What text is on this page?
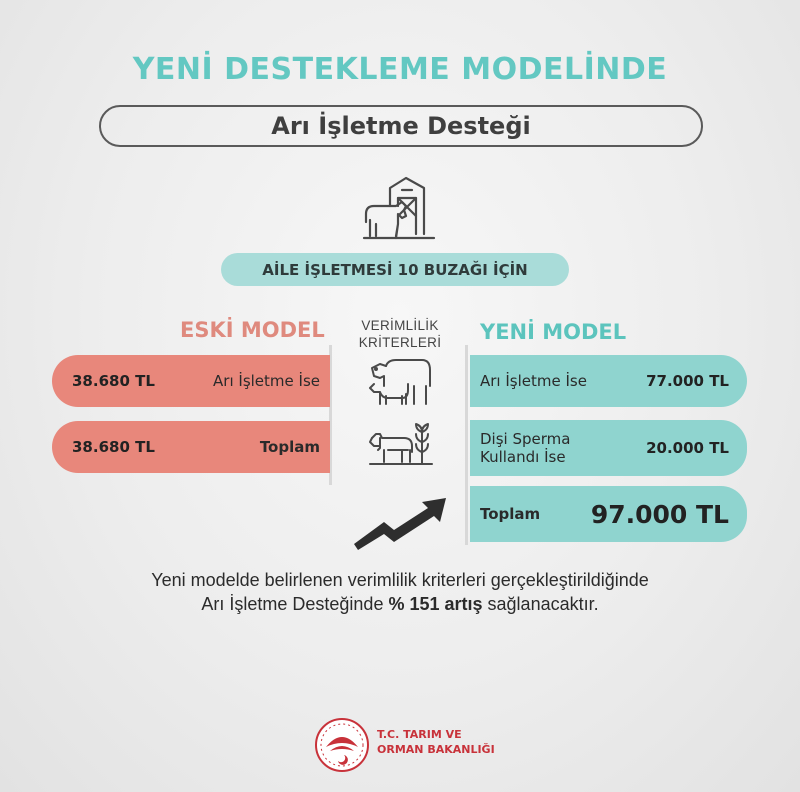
YENİ DESTEKLEME MODELİNDE
Arı İşletme Desteği
AİLE İŞLETMESİ 10 BUZAĞI İÇİN
ESKİ MODEL	VERİMLİLİK
KRİTERLERİ	YENİ MODEL
38.680 TL	Arı İşletme İse
38.680 TL	Toplam
Arı İşletme İse	77.000 TL
Dişi Sperma
Kullandı İse	20.000 TL
Toplam 97.000 TL
Yeni modelde belirlenen verimlilik kriterleri gerçekleştirildiğinde
Arı İşletme Desteğinde % 151 artış sağlanacaktır.
T.C. TARIM VE
ORMAN BAKANLIĞI
